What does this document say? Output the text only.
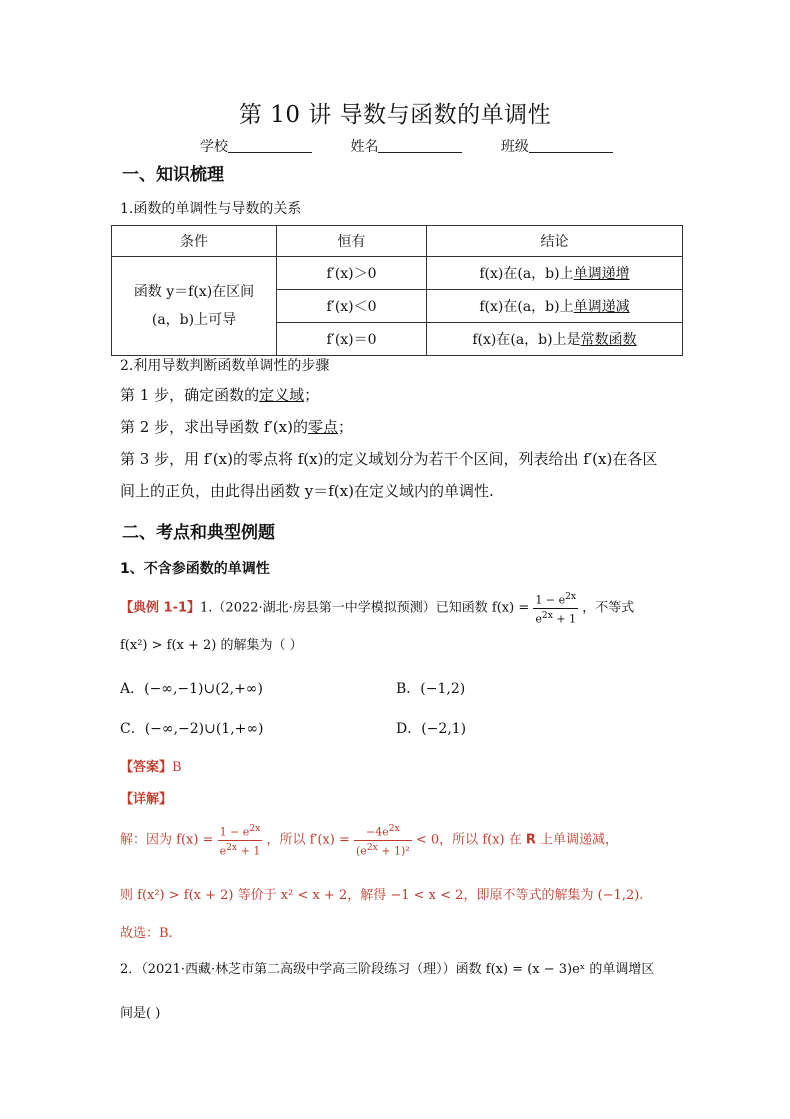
第 10 讲 导数与函数的单调性
学校	姓名	班级
一、知识梳理
1.函数的单调性与导数的关系
条件	恒有	结论

函数 y＝f(x)在区间
(a，b)上可导	f′(x)＞0	f(x)在(a，b)上单调递增
	f′(x)＜0	f(x)在(a，b)上单调递减
	f′(x)＝0	f(x)在(a，b)上是常数函数
2.利用导数判断函数单调性的步骤
第 1 步，确定函数的定义域；
第 2 步，求出导函数 f′(x)的零点；
第 3 步，用 f′(x)的零点将 f(x)的定义域划分为若干个区间，列表给出 f′(x)在各区
间上的正负，由此得出函数 y＝f(x)在定义域内的单调性.
二、考点和典型例题
1、不含参函数的单调性
【典例 1-1】1.（2022·湖北·房县第一中学模拟预测）已知函数 $f(x) = \frac{1 - e^{2x}}{e^{2x} + 1}$ ，不等式
f(x²) > f(x + 2) 的解集为（ ）
A．(−∞,−1)∪(2,+∞)	B．(−1,2)
C．(−∞,−2)∪(1,+∞)	D．(−2,1)
【答案】B
【详解】
解：因为 $f(x) = \frac{1 - e^{2x}}{e^{2x} + 1}$ ，所以 $f'(x) = \frac{-4e^{2x}}{(e^{2x} + 1)^2} < 0$，所以 f(x) 在 R 上单调递减，
则 f(x²) > f(x + 2) 等价于 x² < x + 2，解得 −1 < x < 2，即原不等式的解集为 (−1,2).
故选：B.
2．（2021·西藏·林芝市第二高级中学高三阶段练习（理））函数 f(x) = (x − 3)eˣ 的单调增区
间是( )
